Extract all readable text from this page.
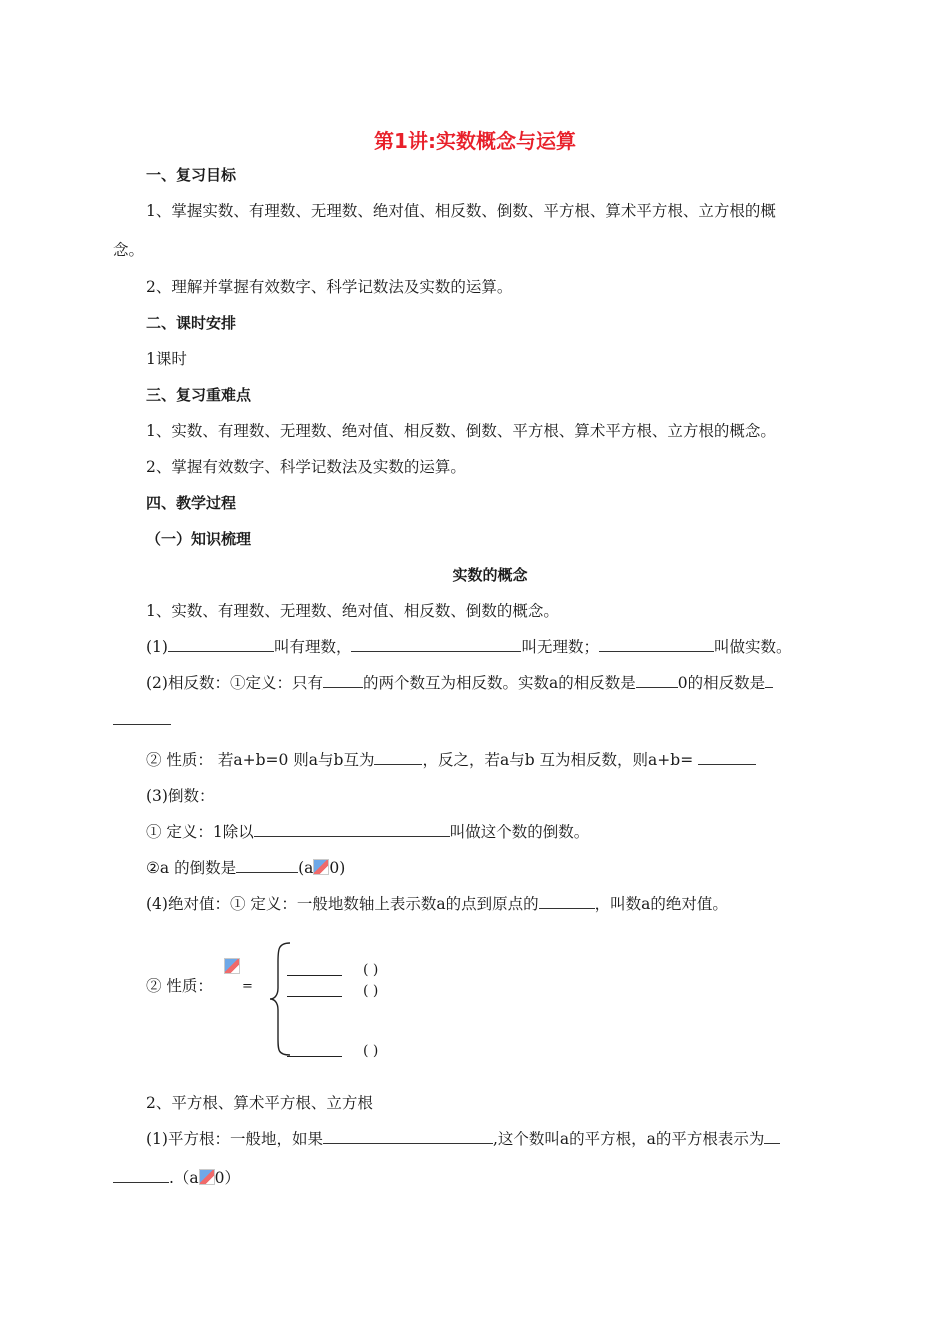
第1讲:实数概念与运算
一、复习目标
1、掌握实数、有理数、无理数、绝对值、相反数、倒数、平方根、算术平方根、立方根的概
念。
2、理解并掌握有效数字、科学记数法及实数的运算。
二、课时安排
1课时
三、复习重难点
1、实数、有理数、无理数、绝对值、相反数、倒数、平方根、算术平方根、立方根的概念。
2、掌握有效数字、科学记数法及实数的运算。
四、教学过程
（一）知识梳理
实数的概念
1、实数、有理数、无理数、绝对值、相反数、倒数的概念。
(1)	叫有理数，	叫无理数；	叫做实数。
(2)相反数：①定义：只有	的两个数互为相反数。实数a的相反数是	0的相反数是
② 性质： 若a+b=0 则a与b互为	，反之，若a与b 互为相反数，则a+b=
(3)倒数：
① 定义：1除以	叫做这个数的倒数。
②a 的倒数是	(a 0)
(4)绝对值：① 定义：一般地数轴上表示数a的点到原点的	，叫数a的绝对值。
② 性质： =
( )
( )
( )
2、平方根、算术平方根、立方根
(1)平方根：一般地，如果	,这个数叫a的平方根，a的平方根表示为
.（a 0）
